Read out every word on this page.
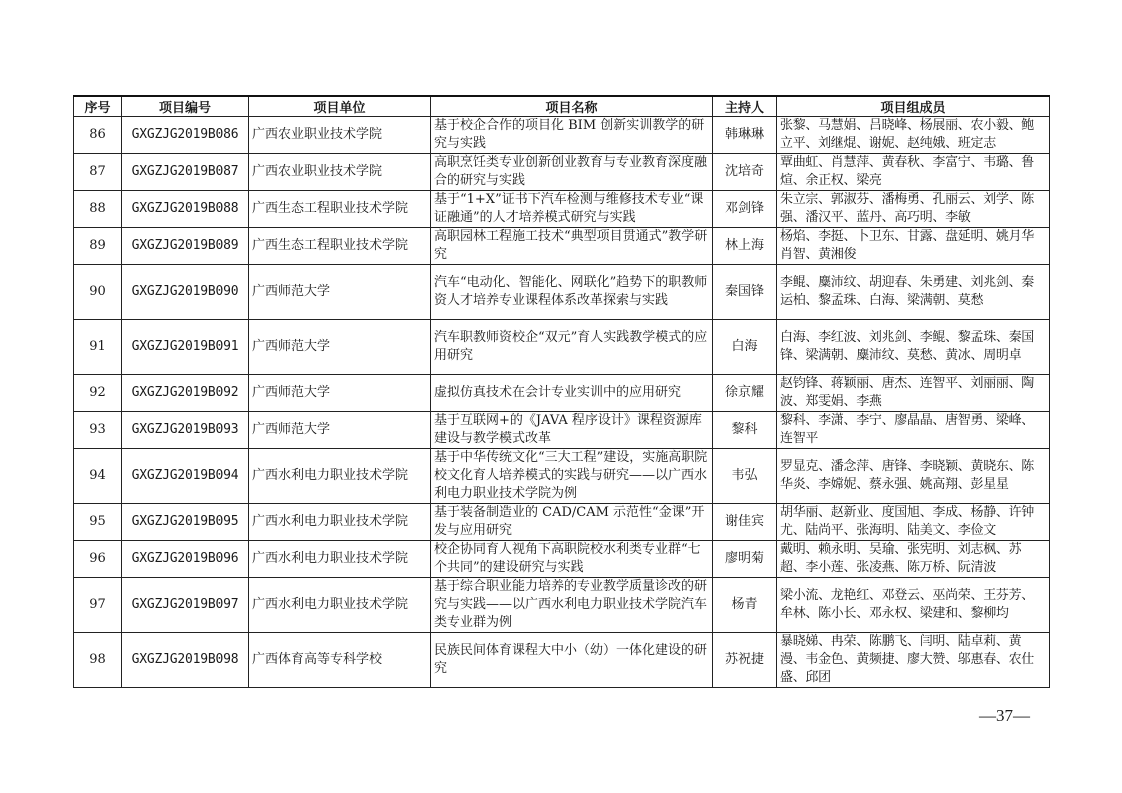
序号	项目编号	项目单位	项目名称	主持人	项目组成员
86	GXGZJG2019B086	广西农业职业技术学院	基于校企合作的项目化 BIM 创新实训教学的研究与实践	韩琳琳	张黎、马慧娟、吕晓峰、杨展丽、农小毅、鲍立平、刘继焜、谢妮、赵纯娥、班定志
87	GXGZJG2019B087	广西农业职业技术学院	高职烹饪类专业创新创业教育与专业教育深度融合的研究与实践	沈培奇	覃曲虹、肖慧萍、黄春秋、李富宁、韦璐、鲁煊、余正权、梁亮
88	GXGZJG2019B088	广西生态工程职业技术学院	基于“1+X”证书下汽车检测与维修技术专业“课证融通”的人才培养模式研究与实践	邓剑锋	朱立宗、郭淑芬、潘梅勇、孔丽云、刘学、陈强、潘汉平、蓝丹、高巧明、李敏
89	GXGZJG2019B089	广西生态工程职业技术学院	高职园林工程施工技术“典型项目贯通式”教学研究	林上海	杨焰、李挺、卜卫东、甘露、盘延明、姚月华肖智、黄湘俊
90	GXGZJG2019B090	广西师范大学	汽车“电动化、智能化、网联化”趋势下的职教师资人才培养专业课程体系改革探索与实践	秦国锋	李鲲、麋沛纹、胡迎春、朱勇建、刘兆剑、秦运柏、黎孟珠、白海、梁满朝、莫愁
91	GXGZJG2019B091	广西师范大学	汽车职教师资校企“双元”育人实践教学模式的应用研究	白海	白海、李红波、刘兆剑、李鲲、黎孟珠、秦国锋、梁满朝、麋沛纹、莫愁、黄冰、周明卓
92	GXGZJG2019B092	广西师范大学	虚拟仿真技术在会计专业实训中的应用研究	徐京耀	赵钧锋、蒋颖丽、唐杰、连智平、刘丽丽、陶波、郑雯娟、李燕
93	GXGZJG2019B093	广西师范大学	基于互联网+的《JAVA 程序设计》课程资源库建设与教学模式改革	黎科	黎科、李潇、李宁、廖晶晶、唐智勇、梁峰、连智平
94	GXGZJG2019B094	广西水利电力职业技术学院	基于中华传统文化“三大工程”建设，实施高职院校文化育人培养模式的实践与研究——以广西水利电力职业技术学院为例	韦弘	罗显克、潘念萍、唐锋、李晓颖、黄晓东、陈华炎、李嫦妮、蔡永强、姚高翔、彭星星
95	GXGZJG2019B095	广西水利电力职业技术学院	基于装备制造业的 CAD/CAM 示范性“金课”开发与应用研究	谢佳宾	胡华丽、赵新业、度国旭、李成、杨静、许钟尤、陆尚平、张海明、陆美文、李俭文
96	GXGZJG2019B096	广西水利电力职业技术学院	校企协同育人视角下高职院校水利类专业群“七个共同”的建设研究与实践	廖明菊	戴明、赖永明、吴瑜、张宪明、刘志枫、苏超、李小莲、张凌燕、陈万桥、阮清波
97	GXGZJG2019B097	广西水利电力职业技术学院	基于综合职业能力培养的专业教学质量诊改的研究与实践——以广西水利电力职业技术学院汽车类专业群为例	杨青	梁小流、龙艳红、邓登云、巫尚荣、王芬芳、牟林、陈小长、邓永权、梁建和、黎柳均
98	GXGZJG2019B098	广西体育高等专科学校	民族民间体育课程大中小（幼）一体化建设的研究	苏祝捷	暴晓娣、冉荣、陈鹏飞、闫明、陆卓莉、黄漫、韦金色、黄频捷、廖大赞、邬惠春、农仕盛、邱团
—37—
